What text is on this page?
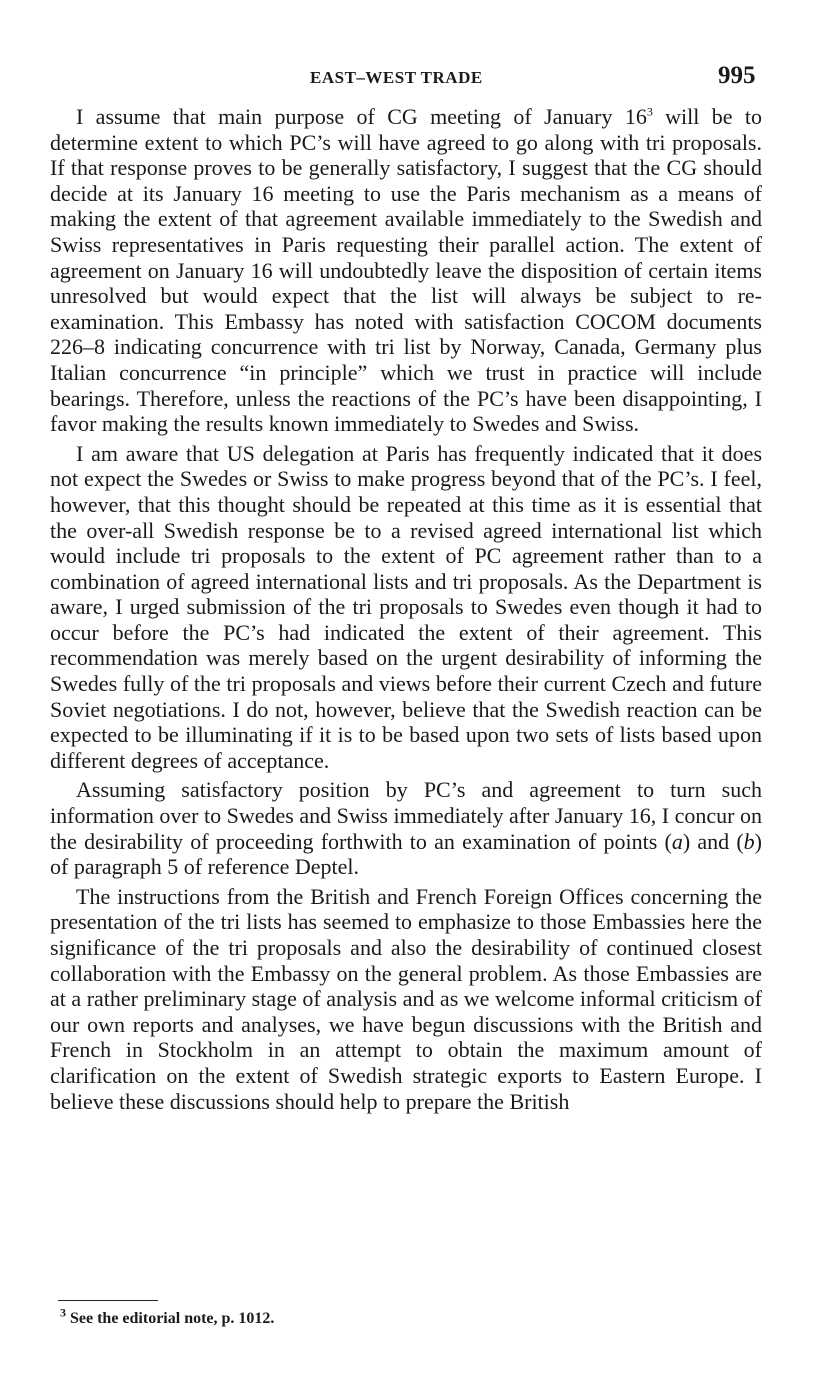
EAST–WEST TRADE	995

I assume that main purpose of CG meeting of January $16^3$ will be to determine extent to which PC’s will have agreed to go along with tri proposals. If that response proves to be generally satisfactory, I suggest that the CG should decide at its January 16 meeting to use the Paris mechanism as a means of making the extent of that agreement available immediately to the Swedish and Swiss representatives in Paris requesting their parallel action. The extent of agreement on January 16 will undoubtedly leave the disposition of certain items unresolved but would expect that the list will always be subject to re-examination. This Embassy has noted with satisfaction COCOM documents 226–8 indicating concurrence with tri list by Norway, Canada, Germany plus Italian concurrence “in principle” which we trust in practice will include bearings. Therefore, unless the reactions of the PC’s have been disappointing, I favor making the results known immediately to Swedes and Swiss.

I am aware that US delegation at Paris has frequently indicated that it does not expect the Swedes or Swiss to make progress beyond that of the PC’s. I feel, however, that this thought should be repeated at this time as it is essential that the over-all Swedish response be to a revised agreed international list which would include tri proposals to the extent of PC agreement rather than to a combination of agreed international lists and tri proposals. As the Department is aware, I urged submission of the tri proposals to Swedes even though it had to occur before the PC’s had indicated the extent of their agreement. This recommendation was merely based on the urgent desirability of informing the Swedes fully of the tri proposals and views before their current Czech and future Soviet negotiations. I do not, however, believe that the Swedish reaction can be expected to be illuminating if it is to be based upon two sets of lists based upon different degrees of acceptance.

Assuming satisfactory position by PC’s and agreement to turn such information over to Swedes and Swiss immediately after January 16, I concur on the desirability of proceeding forthwith to an examination of points (a) and (b) of paragraph 5 of reference Deptel.

The instructions from the British and French Foreign Offices concerning the presentation of the tri lists has seemed to emphasize to those Embassies here the significance of the tri proposals and also the desirability of continued closest collaboration with the Embassy on the general problem. As those Embassies are at a rather preliminary stage of analysis and as we welcome informal criticism of our own reports and analyses, we have begun discussions with the British and French in Stockholm in an attempt to obtain the maximum amount of clarification on the extent of Swedish strategic exports to Eastern Europe. I believe these discussions should help to prepare the British

$^3$ See the editorial note, p. 1012.
